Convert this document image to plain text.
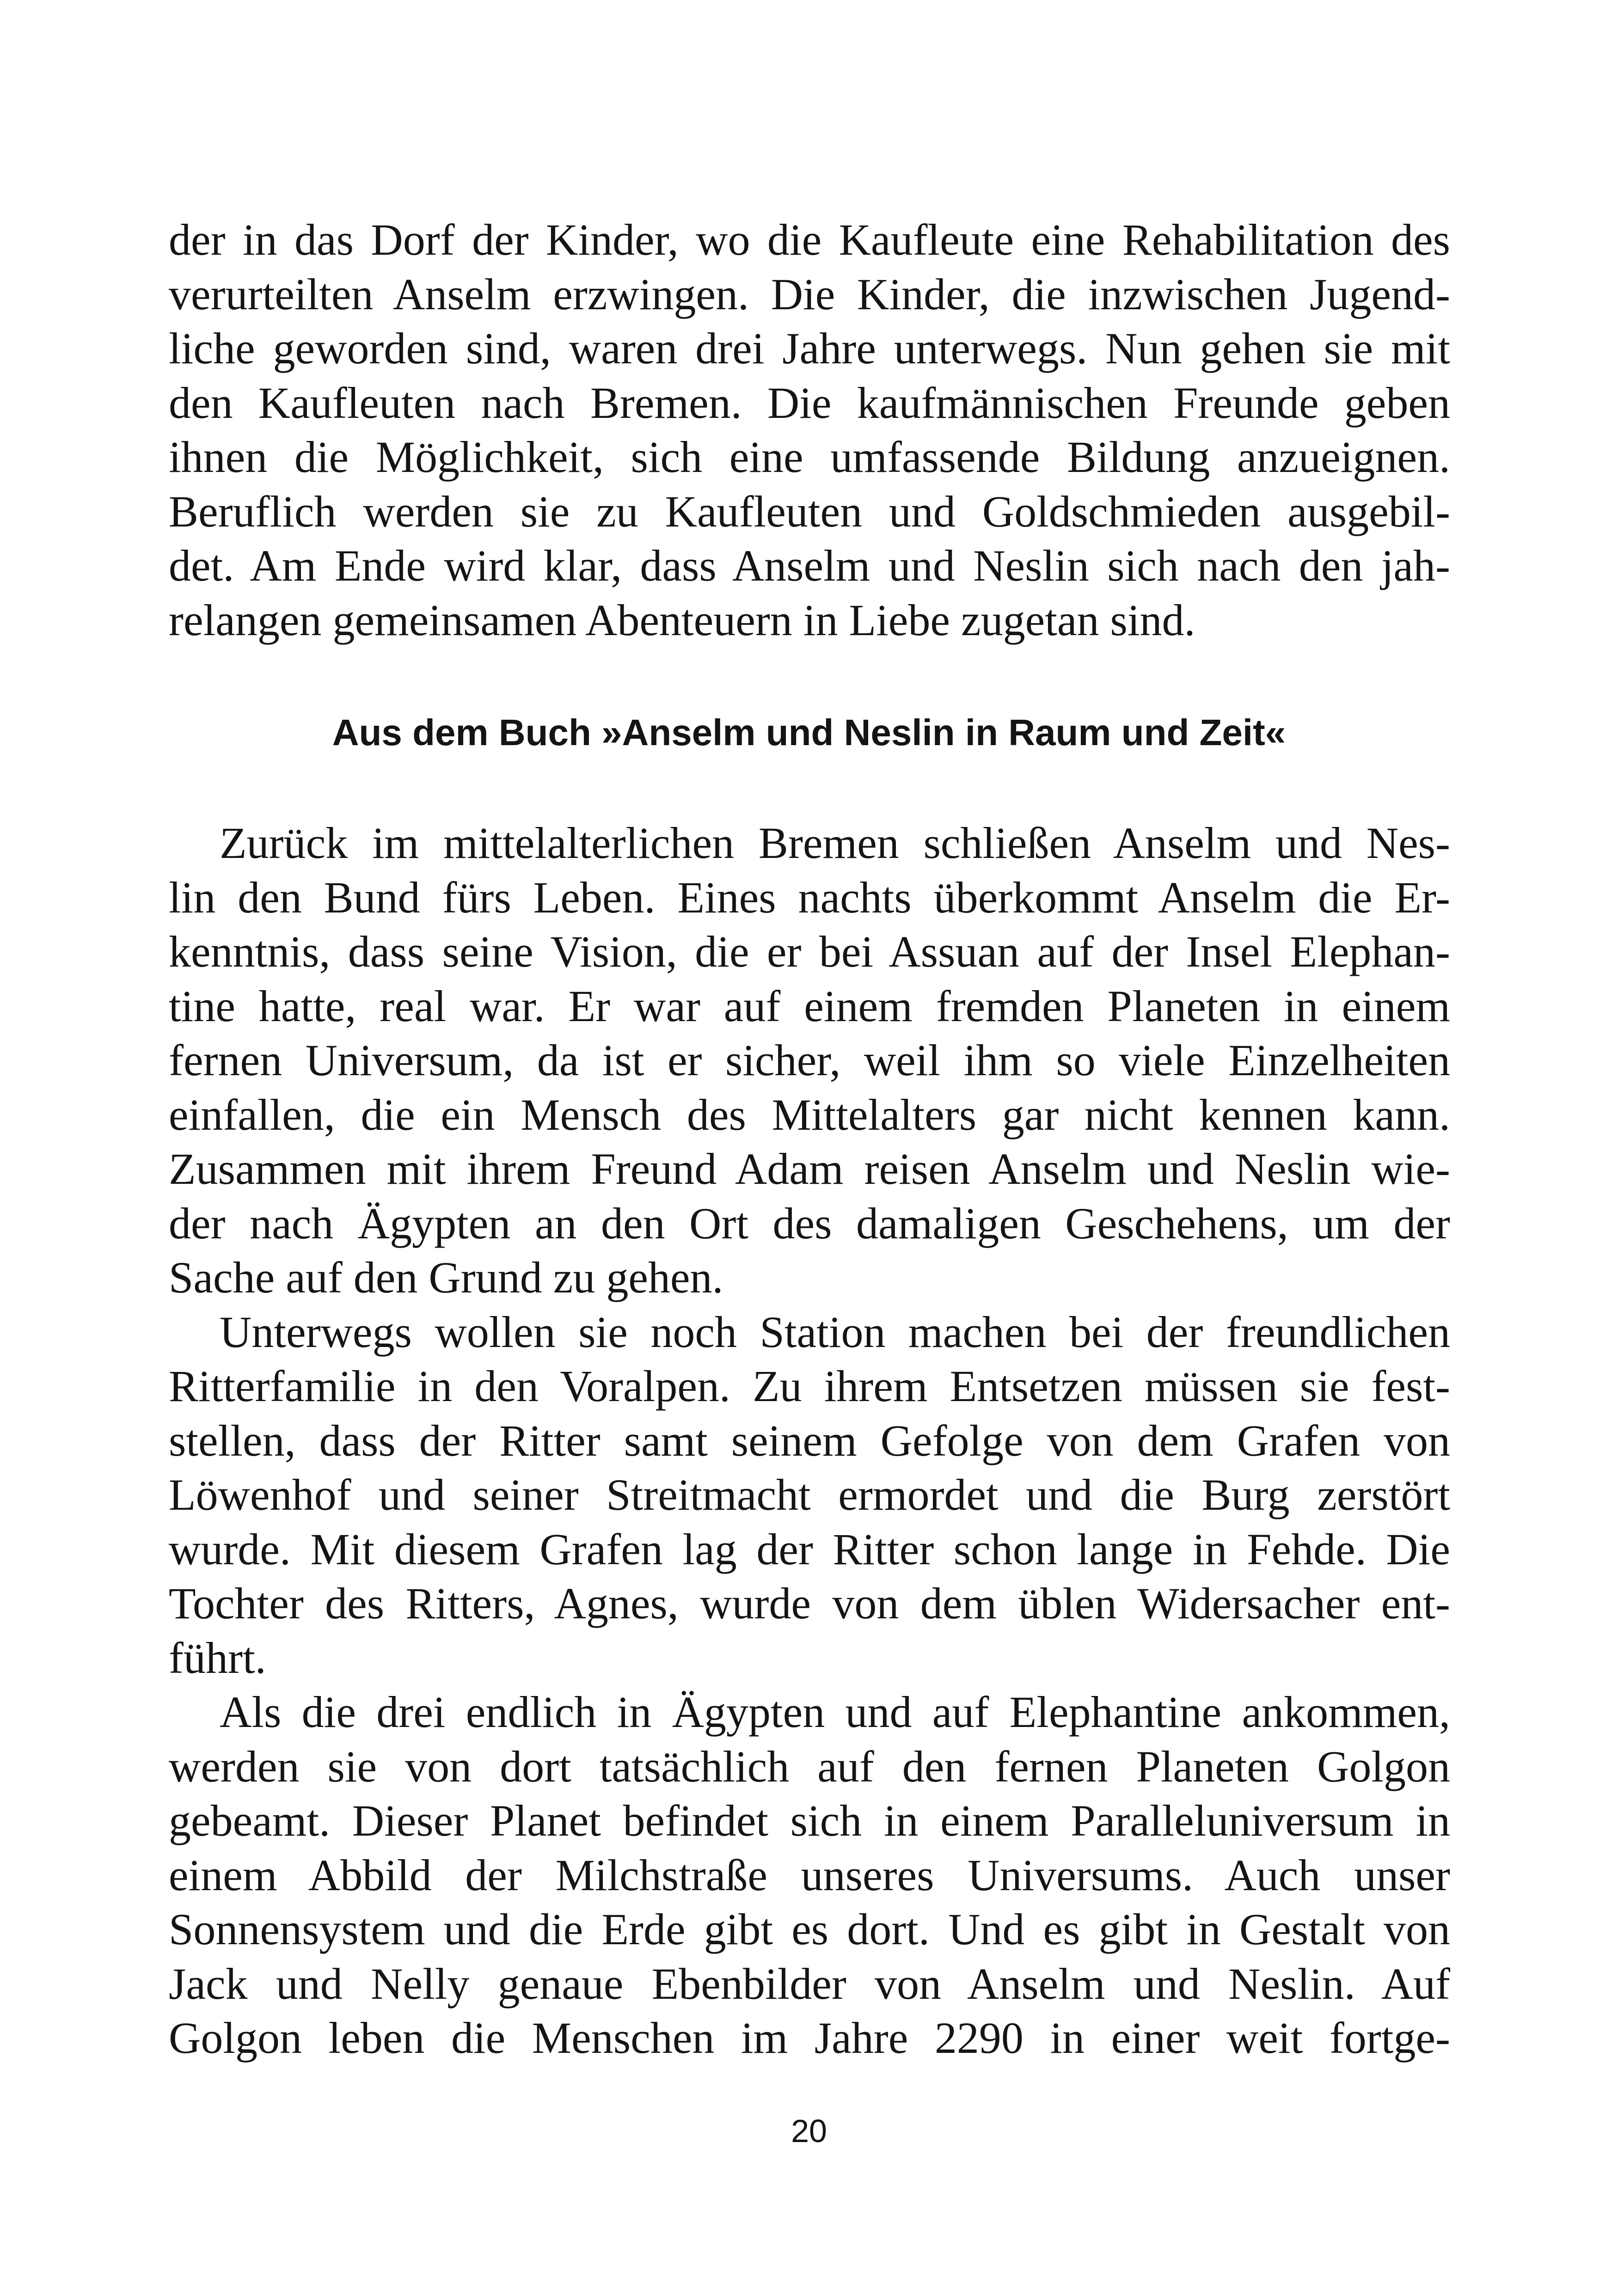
der in das Dorf der Kinder, wo die Kaufleute eine Rehabilitation des
verurteilten Anselm erzwingen. Die Kinder, die inzwischen Jugend-
liche geworden sind, waren drei Jahre unterwegs. Nun gehen sie mit
den Kaufleuten nach Bremen. Die kaufmännischen Freunde geben
ihnen die Möglichkeit, sich eine umfassende Bildung anzueignen.
Beruflich werden sie zu Kaufleuten und Goldschmieden ausgebil-
det. Am Ende wird klar, dass Anselm und Neslin sich nach den jah-
relangen gemeinsamen Abenteuern in Liebe zugetan sind.
Aus dem Buch »Anselm und Neslin in Raum und Zeit«
Zurück im mittelalterlichen Bremen schließen Anselm und Nes-
lin den Bund fürs Leben. Eines nachts überkommt Anselm die Er-
kenntnis, dass seine Vision, die er bei Assuan auf der Insel Elephan-
tine hatte, real war. Er war auf einem fremden Planeten in einem
fernen Universum, da ist er sicher, weil ihm so viele Einzelheiten
einfallen, die ein Mensch des Mittelalters gar nicht kennen kann.
Zusammen mit ihrem Freund Adam reisen Anselm und Neslin wie-
der nach Ägypten an den Ort des damaligen Geschehens, um der
Sache auf den Grund zu gehen.
Unterwegs wollen sie noch Station machen bei der freundlichen
Ritterfamilie in den Voralpen. Zu ihrem Entsetzen müssen sie fest-
stellen, dass der Ritter samt seinem Gefolge von dem Grafen von
Löwenhof und seiner Streitmacht ermordet und die Burg zerstört
wurde. Mit diesem Grafen lag der Ritter schon lange in Fehde. Die
Tochter des Ritters, Agnes, wurde von dem üblen Widersacher ent-
führt.
Als die drei endlich in Ägypten und auf Elephantine ankommen,
werden sie von dort tatsächlich auf den fernen Planeten Golgon
gebeamt. Dieser Planet befindet sich in einem Paralleluniversum in
einem Abbild der Milchstraße unseres Universums. Auch unser
Sonnensystem und die Erde gibt es dort. Und es gibt in Gestalt von
Jack und Nelly genaue Ebenbilder von Anselm und Neslin. Auf
Golgon leben die Menschen im Jahre 2290 in einer weit fortge-
20
